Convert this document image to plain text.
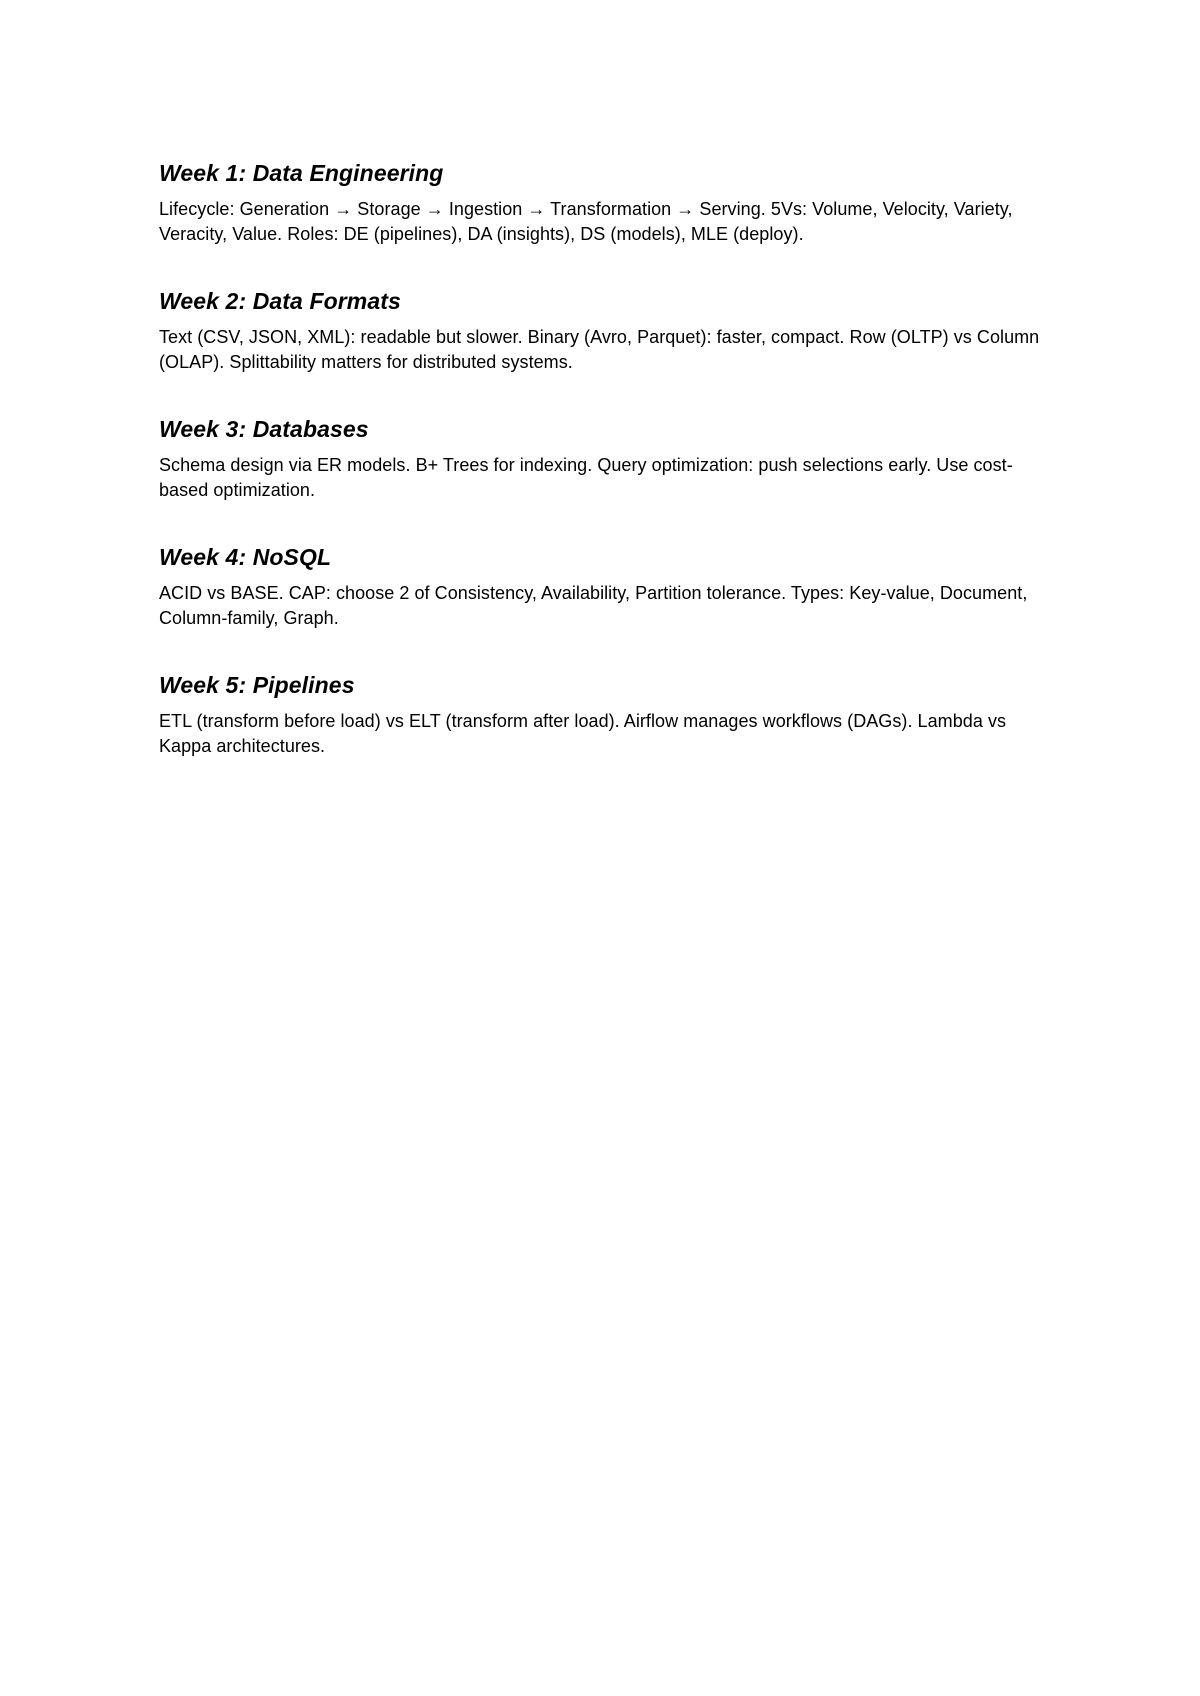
Week 1: Data Engineering

Lifecycle: Generation → Storage → Ingestion → Transformation → Serving. 5Vs: Volume, Velocity, Variety, Veracity, Value. Roles: DE (pipelines), DA (insights), DS (models), MLE (deploy).

Week 2: Data Formats

Text (CSV, JSON, XML): readable but slower. Binary (Avro, Parquet): faster, compact. Row (OLTP) vs Column (OLAP). Splittability matters for distributed systems.

Week 3: Databases

Schema design via ER models. B+ Trees for indexing. Query optimization: push selections early. Use cost-based optimization.

Week 4: NoSQL

ACID vs BASE. CAP: choose 2 of Consistency, Availability, Partition tolerance. Types: Key-value, Document, Column-family, Graph.

Week 5: Pipelines

ETL (transform before load) vs ELT (transform after load). Airflow manages workflows (DAGs). Lambda vs Kappa architectures.
